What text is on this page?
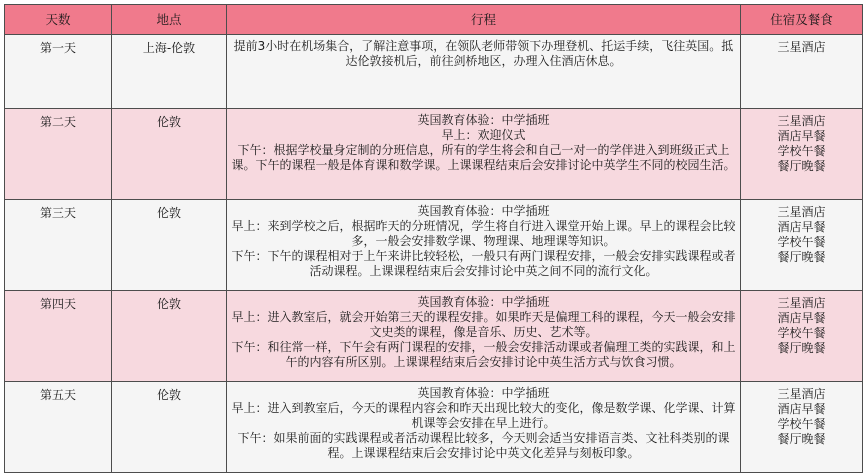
天数	地点	行程	住宿及餐食
第一天	上海-伦敦	提前3小时在机场集合，了解注意事项，在领队老师带领下办理登机、托运手续，飞往英国。抵达伦敦接机后，前往剑桥地区，办理入住酒店休息。	三星酒店

第二天	伦敦	英国教育体验：中学插班
早上：欢迎仪式
下午：根据学校量身定制的分班信息，所有的学生将会和自己一对一的学伴进入到班级正式上课。下午的课程一般是体育课和数学课。上课课程结束后会安排讨论中英学生不同的校园生活。	三星酒店
酒店早餐
学校午餐
餐厅晚餐

第三天	伦敦	英国教育体验：中学插班
早上：来到学校之后，根据昨天的分班情况，学生将自行进入课堂开始上课。早上的课程会比较多，一般会安排数学课、物理课、地理课等知识。
下午：下午的课程相对于上午来讲比较轻松，一般只有两门课程安排，一般会安排实践课程或者活动课程。上课课程结束后会安排讨论中英之间不同的流行文化。	三星酒店
酒店早餐
学校午餐
餐厅晚餐

第四天	伦敦	英国教育体验：中学插班
早上：进入教室后，就会开始第三天的课程安排。如果昨天是偏理工科的课程，今天一般会安排文史类的课程，像是音乐、历史、艺术等。
下午：和往常一样，下午会有两门课程的安排，一般会安排活动课或者偏理工类的实践课，和上午的内容有所区别。上课课程结束后会安排讨论中英生活方式与饮食习惯。	三星酒店
酒店早餐
学校午餐
餐厅晚餐

第五天	伦敦	英国教育体验：中学插班
早上：进入到教室后，今天的课程内容会和昨天出现比较大的变化，像是数学课、化学课、计算机课等会安排在早上进行。
下午：如果前面的实践课程或者活动课程比较多，今天则会适当安排语言类、文社科类别的课程。上课课程结束后会安排讨论中英文化差异与刻板印象。	三星酒店
酒店早餐
学校午餐
餐厅晚餐
